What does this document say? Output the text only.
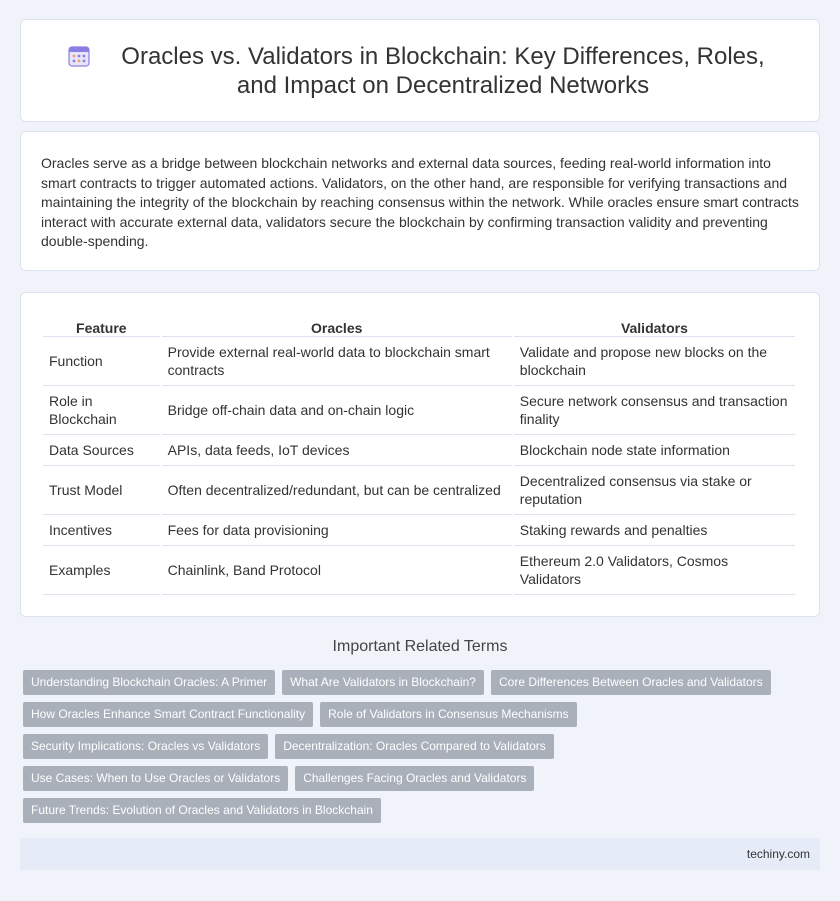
Oracles vs. Validators in Blockchain: Key Differences, Roles, and Impact on Decentralized Networks

Oracles serve as a bridge between blockchain networks and external data sources, feeding real-world information into smart contracts to trigger automated actions. Validators, on the other hand, are responsible for verifying transactions and maintaining the integrity of the blockchain by reaching consensus within the network. While oracles ensure smart contracts interact with accurate external data, validators secure the blockchain by confirming transaction validity and preventing double-spending.

Feature	Oracles	Validators
Function	Provide external real-world data to blockchain smart contracts	Validate and propose new blocks on the blockchain
Role in Blockchain	Bridge off-chain data and on-chain logic	Secure network consensus and transaction finality
Data Sources	APIs, data feeds, IoT devices	Blockchain node state information
Trust Model	Often decentralized/redundant, but can be centralized	Decentralized consensus via stake or reputation
Incentives	Fees for data provisioning	Staking rewards and penalties
Examples	Chainlink, Band Protocol	Ethereum 2.0 Validators, Cosmos Validators
Important Related Terms
Understanding Blockchain Oracles: A Primer	What Are Validators in Blockchain?	Core Differences Between Oracles and Validators
How Oracles Enhance Smart Contract Functionality	Role of Validators in Consensus Mechanisms
Security Implications: Oracles vs Validators	Decentralization: Oracles Compared to Validators
Use Cases: When to Use Oracles or Validators	Challenges Facing Oracles and Validators
Future Trends: Evolution of Oracles and Validators in Blockchain
techiny.com
